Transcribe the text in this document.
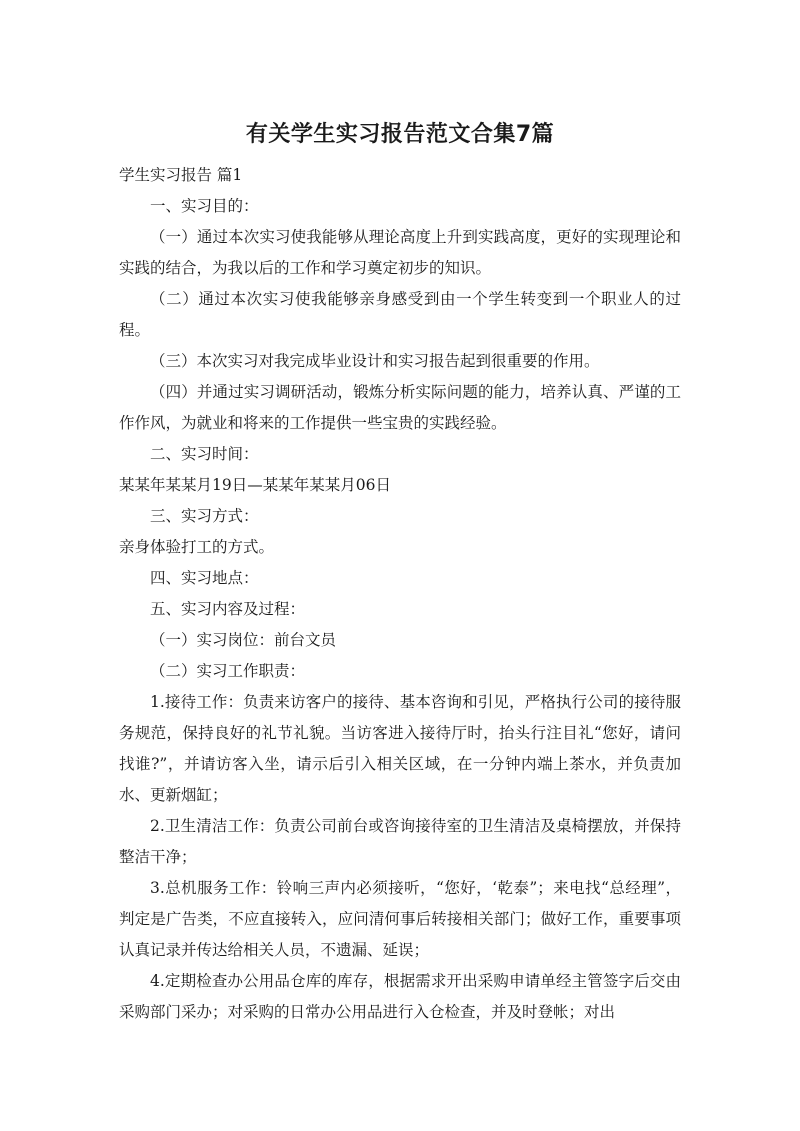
有关学生实习报告范文合集7篇

学生实习报告 篇1

一、实习目的：

（一）通过本次实习使我能够从理论高度上升到实践高度，更好的实现理论和实践的结合，为我以后的工作和学习奠定初步的知识。

（二）通过本次实习使我能够亲身感受到由一个学生转变到一个职业人的过程。

（三）本次实习对我完成毕业设计和实习报告起到很重要的作用。

（四）并通过实习调研活动，锻炼分析实际问题的能力，培养认真、严谨的工作作风，为就业和将来的工作提供一些宝贵的实践经验。

二、实习时间：

某某年某某月19日—某某年某某月06日

三、实习方式：

亲身体验打工的方式。

四、实习地点：

五、实习内容及过程：

（一）实习岗位：前台文员

（二）实习工作职责：

1.接待工作：负责来访客户的接待、基本咨询和引见，严格执行公司的接待服务规范，保持良好的礼节礼貌。当访客进入接待厅时，抬头行注目礼“您好，请问找谁?”，并请访客入坐，请示后引入相关区域，在一分钟内端上茶水，并负责加水、更新烟缸；

2.卫生清洁工作：负责公司前台或咨询接待室的卫生清洁及桌椅摆放，并保持整洁干净；

3.总机服务工作：铃响三声内必须接听，“您好，‘乾泰”；来电找“总经理”，判定是广告类，不应直接转入，应问清何事后转接相关部门；做好工作，重要事项认真记录并传达给相关人员，不遗漏、延误；

4.定期检查办公用品仓库的库存，根据需求开出采购申请单经主管签字后交由采购部门采办；对采购的日常办公用品进行入仓检查，并及时登帐；对出
